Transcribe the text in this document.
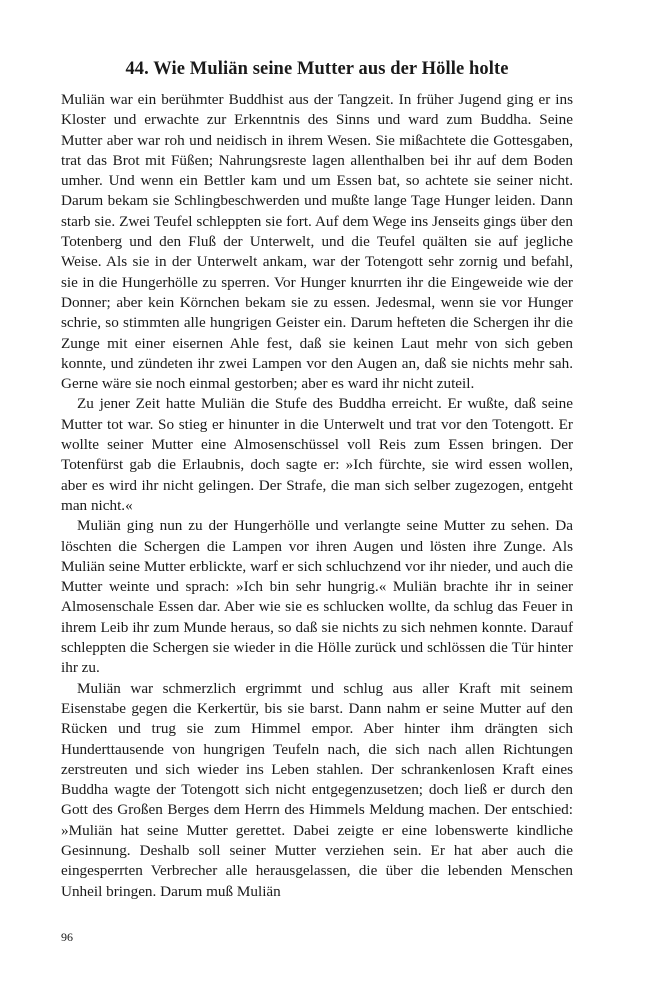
44. Wie Muliän seine Mutter aus der Hölle holte

Muliän war ein berühmter Buddhist aus der Tangzeit. In früher Jugend ging er ins Kloster und erwachte zur Erkenntnis des Sinns und ward zum Buddha. Seine Mutter aber war roh und neidisch in ihrem Wesen. Sie mißachtete die Gottesgaben, trat das Brot mit Füßen; Nahrungsreste lagen allenthalben bei ihr auf dem Boden umher. Und wenn ein Bettler kam und um Essen bat, so achtete sie seiner nicht. Darum bekam sie Schlingbeschwerden und mußte lange Tage Hunger leiden. Dann starb sie. Zwei Teufel schleppten sie fort. Auf dem Wege ins Jenseits gings über den Totenberg und den Fluß der Unterwelt, und die Teufel quälten sie auf jegliche Weise. Als sie in der Unterwelt ankam, war der Totengott sehr zornig und befahl, sie in die Hungerhölle zu sperren. Vor Hunger knurrten ihr die Eingeweide wie der Donner; aber kein Körnchen bekam sie zu essen. Jedesmal, wenn sie vor Hunger schrie, so stimmten alle hungrigen Geister ein. Darum hefteten die Schergen ihr die Zunge mit einer eisernen Ahle fest, daß sie keinen Laut mehr von sich geben konnte, und zündeten ihr zwei Lampen vor den Augen an, daß sie nichts mehr sah. Gerne wäre sie noch einmal gestorben; aber es ward ihr nicht zuteil.

Zu jener Zeit hatte Muliän die Stufe des Buddha erreicht. Er wußte, daß seine Mutter tot war. So stieg er hinunter in die Unterwelt und trat vor den Totengott. Er wollte seiner Mutter eine Almosenschüssel voll Reis zum Essen bringen. Der Totenfürst gab die Erlaubnis, doch sagte er: »Ich fürchte, sie wird essen wollen, aber es wird ihr nicht gelingen. Der Strafe, die man sich selber zugezogen, entgeht man nicht.«

Muliän ging nun zu der Hungerhölle und verlangte seine Mutter zu sehen. Da löschten die Schergen die Lampen vor ihren Augen und lösten ihre Zunge. Als Muliän seine Mutter erblickte, warf er sich schluchzend vor ihr nieder, und auch die Mutter weinte und sprach: »Ich bin sehr hungrig.« Muliän brachte ihr in seiner Almosenschale Essen dar. Aber wie sie es schlucken wollte, da schlug das Feuer in ihrem Leib ihr zum Munde heraus, so daß sie nichts zu sich nehmen konnte. Darauf schleppten die Schergen sie wieder in die Hölle zurück und schlössen die Tür hinter ihr zu.

Muliän war schmerzlich ergrimmt und schlug aus aller Kraft mit seinem Eisenstabe gegen die Kerkertür, bis sie barst. Dann nahm er seine Mutter auf den Rücken und trug sie zum Himmel empor. Aber hinter ihm drängten sich Hunderttausende von hungrigen Teufeln nach, die sich nach allen Richtungen zerstreuten und sich wieder ins Leben stahlen. Der schrankenlosen Kraft eines Buddha wagte der Totengott sich nicht entgegenzusetzen; doch ließ er durch den Gott des Großen Berges dem Herrn des Himmels Meldung machen. Der entschied: »Muliän hat seine Mutter gerettet. Dabei zeigte er eine lobenswerte kindliche Gesinnung. Deshalb soll seiner Mutter verziehen sein. Er hat aber auch die eingesperrten Verbrecher alle herausgelassen, die über die lebenden Menschen Unheil bringen. Darum muß Muliän

96
